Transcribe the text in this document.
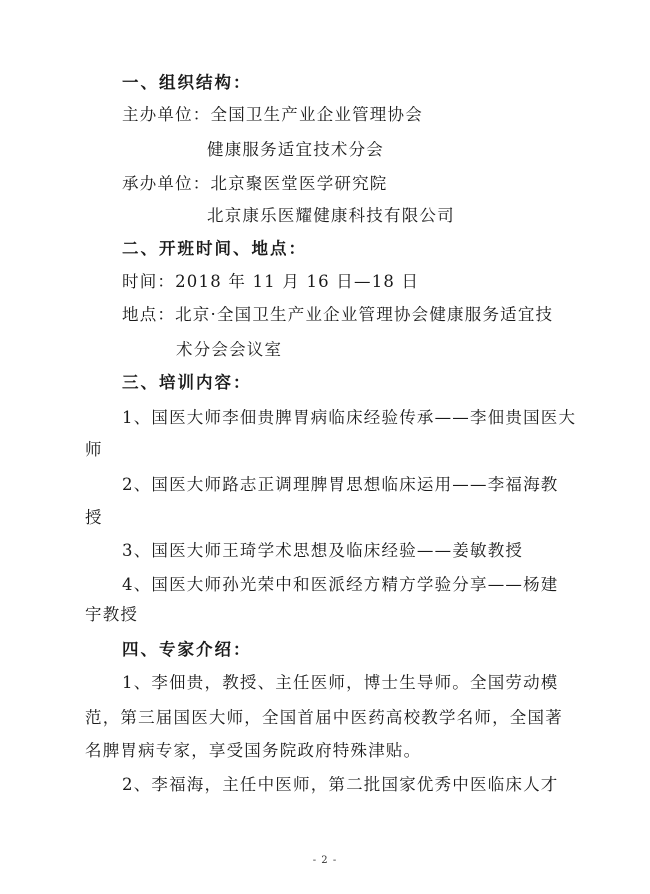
一、组织结构：
主办单位：全国卫生产业企业管理协会
健康服务适宜技术分会
承办单位：北京聚医堂医学研究院
北京康乐医耀健康科技有限公司
二、开班时间、地点：
时间：2018 年 11 月 16 日—18 日
地点：北京·全国卫生产业企业管理协会健康服务适宜技
术分会会议室
三、培训内容：
1、国医大师李佃贵脾胃病临床经验传承——李佃贵国医大
师
2、国医大师路志正调理脾胃思想临床运用——李福海教
授
3、国医大师王琦学术思想及临床经验——姜敏教授
4、国医大师孙光荣中和医派经方精方学验分享——杨建
宇教授
四、专家介绍：
1、李佃贵，教授、主任医师，博士生导师。全国劳动模
范，第三届国医大师，全国首届中医药高校教学名师，全国著
名脾胃病专家，享受国务院政府特殊津贴。
2、李福海，主任中医师，第二批国家优秀中医临床人才
- 2 -
